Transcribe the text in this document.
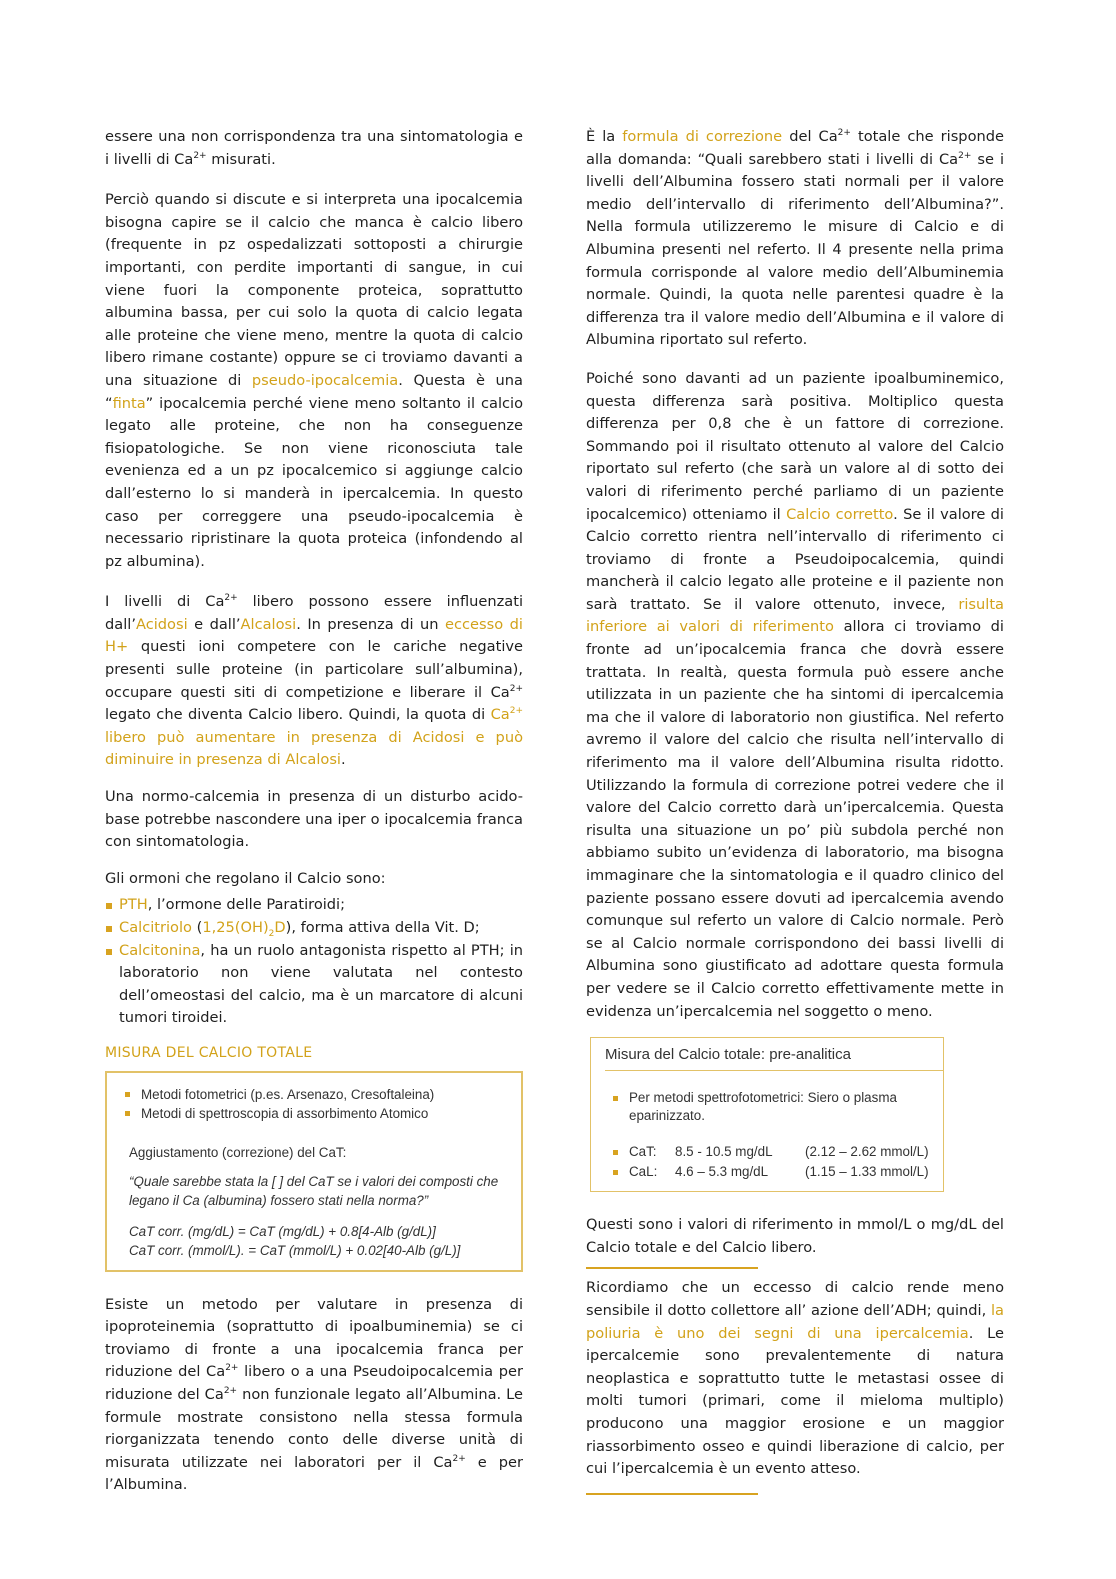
essere una non corrispondenza tra una sintomatologia e i livelli di $Ca^{2+}$ misurati.

Perciò quando si discute e si interpreta una ipocalcemia bisogna capire se il calcio che manca è calcio libero (frequente in pz ospedalizzati sottoposti a chirurgie importanti, con perdite importanti di sangue, in cui viene fuori la componente proteica, soprattutto albumina bassa, per cui solo la quota di calcio legata alle proteine che viene meno, mentre la quota di calcio libero rimane costante) oppure se ci troviamo davanti a una situazione di pseudo-ipocalcemia. Questa è una “finta” ipocalcemia perché viene meno soltanto il calcio legato alle proteine, che non ha conseguenze fisiopatologiche. Se non viene riconosciuta tale evenienza ed a un pz ipocalcemico si aggiunge calcio dall’esterno lo si manderà in ipercalcemia. In questo caso per correggere una pseudo-ipocalcemia è necessario ripristinare la quota proteica (infondendo al pz albumina).

I livelli di $Ca^{2+}$ libero possono essere influenzati dall’Acidosi e dall’Alcalosi. In presenza di un eccesso di H+ questi ioni competere con le cariche negative presenti sulle proteine (in particolare sull’albumina), occupare questi siti di competizione e liberare il $Ca^{2+}$ legato che diventa Calcio libero. Quindi, la quota di $Ca^{2+}$ libero può aumentare in presenza di Acidosi e può diminuire in presenza di Alcalosi.

Una normo-calcemia in presenza di un disturbo acido-base potrebbe nascondere una iper o ipocalcemia franca con sintomatologia.

Gli ormoni che regolano il Calcio sono:

PTH, l’ormone delle Paratiroidi;
Calcitriolo $(1,25(OH)_2D)$, forma attiva della Vit. D;
Calcitonina, ha un ruolo antagonista rispetto al PTH; in laboratorio non viene valutata nel contesto dell’omeostasi del calcio, ma è un marcatore di alcuni tumori tiroidei.
MISURA DEL CALCIO TOTALE
Metodi fotometrici (p.es. Arsenazo, Cresoftaleina)
Metodi di spettroscopia di assorbimento Atomico
Aggiustamento (correzione) del CaT:
“Quale sarebbe stata la [ ] del CaT se i valori dei composti che legano il Ca (albumina) fossero stati nella norma?”
CaT corr. (mg/dL) = CaT (mg/dL) + 0.8[4-Alb (g/dL)]
CaT corr. (mmol/L). = CaT (mmol/L) + 0.02[40-Alb (g/L)]

Esiste un metodo per valutare in presenza di ipoproteinemia (soprattutto di ipoalbuminemia) se ci troviamo di fronte a una ipocalcemia franca per riduzione del $Ca^{2+}$ libero o a una Pseudoipocalcemia per riduzione del $Ca^{2+}$ non funzionale legato all’Albumina. Le formule mostrate consistono nella stessa formula riorganizzata tenendo conto delle diverse unità di misurata utilizzate nei laboratori per il $Ca^{2+}$ e per l’Albumina.

È la formula di correzione del $Ca^{2+}$ totale che risponde alla domanda: “Quali sarebbero stati i livelli di $Ca^{2+}$ se i livelli dell’Albumina fossero stati normali per il valore medio dell’intervallo di riferimento dell’Albumina?”. Nella formula utilizzeremo le misure di Calcio e di Albumina presenti nel referto. Il 4 presente nella prima formula corrisponde al valore medio dell’Albuminemia normale. Quindi, la quota nelle parentesi quadre è la differenza tra il valore medio dell’Albumina e il valore di Albumina riportato sul referto.

Poiché sono davanti ad un paziente ipoalbuminemico, questa differenza sarà positiva. Moltiplico questa differenza per 0,8 che è un fattore di correzione. Sommando poi il risultato ottenuto al valore del Calcio riportato sul referto (che sarà un valore al di sotto dei valori di riferimento perché parliamo di un paziente ipocalcemico) otteniamo il Calcio corretto. Se il valore di Calcio corretto rientra nell’intervallo di riferimento ci troviamo di fronte a Pseudoipocalcemia, quindi mancherà il calcio legato alle proteine e il paziente non sarà trattato. Se il valore ottenuto, invece, risulta inferiore ai valori di riferimento allora ci troviamo di fronte ad un’ipocalcemia franca che dovrà essere trattata. In realtà, questa formula può essere anche utilizzata in un paziente che ha sintomi di ipercalcemia ma che il valore di laboratorio non giustifica. Nel referto avremo il valore del calcio che risulta nell’intervallo di riferimento ma il valore dell’Albumina risulta ridotto. Utilizzando la formula di correzione potrei vedere che il valore del Calcio corretto darà un’ipercalcemia. Questa risulta una situazione un po’ più subdola perché non abbiamo subito un’evidenza di laboratorio, ma bisogna immaginare che la sintomatologia e il quadro clinico del paziente possano essere dovuti ad ipercalcemia avendo comunque sul referto un valore di Calcio normale. Però se al Calcio normale corrispondono dei bassi livelli di Albumina sono giustificato ad adottare questa formula per vedere se il Calcio corretto effettivamente mette in evidenza un’ipercalcemia nel soggetto o meno.

Misura del Calcio totale: pre-analitica
Per metodi spettrofotometrici: Siero o plasma eparinizzato.
CaT:	8.5 - 10.5 mg/dL	(2.12 – 2.62 mmol/L)
CaL:	4.6 – 5.3 mg/dL	(1.15 – 1.33 mmol/L)

Questi sono i valori di riferimento in mmol/L o mg/dL del Calcio totale e del Calcio libero.

Ricordiamo che un eccesso di calcio rende meno sensibile il dotto collettore all’ azione dell’ADH; quindi, la poliuria è uno dei segni di una ipercalcemia. Le ipercalcemie sono prevalentemente di natura neoplastica e soprattutto tutte le metastasi ossee di molti tumori (primari, come il mieloma multiplo) producono una maggior erosione e un maggior riassorbimento osseo e quindi liberazione di calcio, per cui l’ipercalcemia è un evento atteso.
